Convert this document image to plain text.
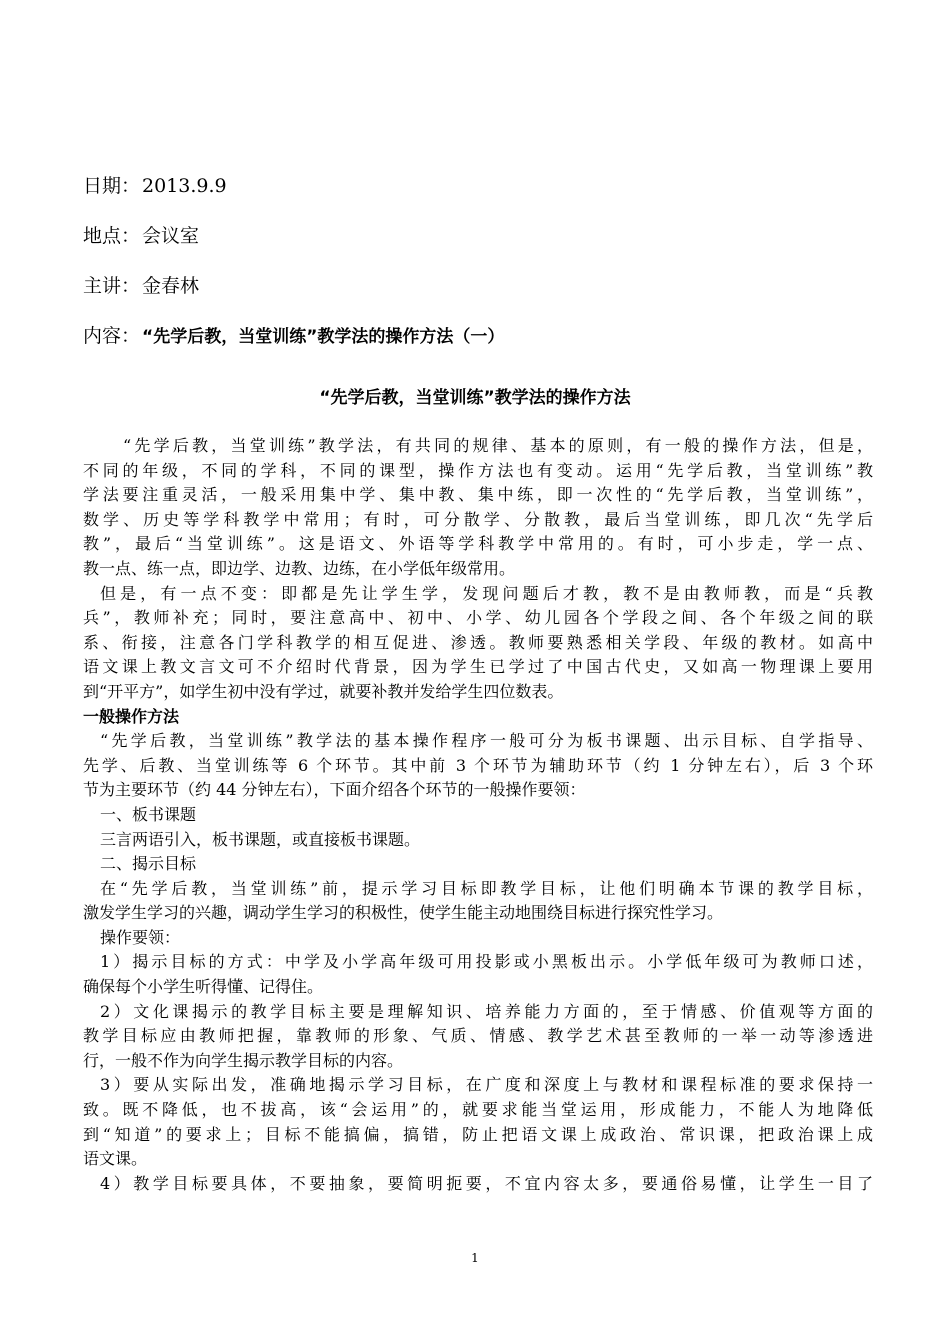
日期： 2013.9.9
地点： 会议室
主讲： 金春林
内容： “先学后教，当堂训练”教学法的操作方法（一）
“先学后教，当堂训练”教学法的操作方法
“先学后教，当堂训练”教学法，有共同的规律、基本的原则，有一般的操作方法，但是，
不同的年级，不同的学科，不同的课型，操作方法也有变动。运用“先学后教，当堂训练”教
学法要注重灵活，一般采用集中学、集中教、集中练，即一次性的“先学后教，当堂训练”，
数学、历史等学科教学中常用；有时，可分散学、分散教，最后当堂训练，即几次“先学后
教”，最后“当堂训练”。这是语文、外语等学科教学中常用的。有时，可小步走，学一点、
教一点、练一点，即边学、边教、边练，在小学低年级常用。
但是，有一点不变：即都是先让学生学，发现问题后才教，教不是由教师教，而是“兵教
兵”，教师补充；同时，要注意高中、初中、小学、幼儿园各个学段之间、各个年级之间的联
系、衔接，注意各门学科教学的相互促进、渗透。教师要熟悉相关学段、年级的教材。如高中
语文课上教文言文可不介绍时代背景，因为学生已学过了中国古代史，又如高一物理课上要用
到“开平方”，如学生初中没有学过，就要补教并发给学生四位数表。
一般操作方法
“先学后教，当堂训练”教学法的基本操作程序一般可分为板书课题、出示目标、自学指导、
先学、后教、当堂训练等 6 个环节。其中前 3 个环节为辅助环节（约 1 分钟左右），后 3 个环
节为主要环节（约 44 分钟左右），下面介绍各个环节的一般操作要领：
一、板书课题
三言两语引入，板书课题，或直接板书课题。
二、揭示目标
在“先学后教，当堂训练”前，提示学习目标即教学目标，让他们明确本节课的教学目标，
激发学生学习的兴趣，调动学生学习的积极性，使学生能主动地围绕目标进行探究性学习。
操作要领：
1）揭示目标的方式：中学及小学高年级可用投影或小黑板出示。小学低年级可为教师口述，
确保每个小学生听得懂、记得住。
2）文化课揭示的教学目标主要是理解知识、培养能力方面的，至于情感、价值观等方面的
教学目标应由教师把握，靠教师的形象、气质、情感、教学艺术甚至教师的一举一动等渗透进
行，一般不作为向学生揭示教学目标的内容。
3）要从实际出发，准确地揭示学习目标，在广度和深度上与教材和课程标准的要求保持一
致。既不降低，也不拔高，该“会运用”的，就要求能当堂运用，形成能力，不能人为地降低
到“知道”的要求上；目标不能搞偏，搞错，防止把语文课上成政治、常识课，把政治课上成
语文课。
4）教学目标要具体，不要抽象，要简明扼要，不宜内容太多，要通俗易懂，让学生一目了
1
